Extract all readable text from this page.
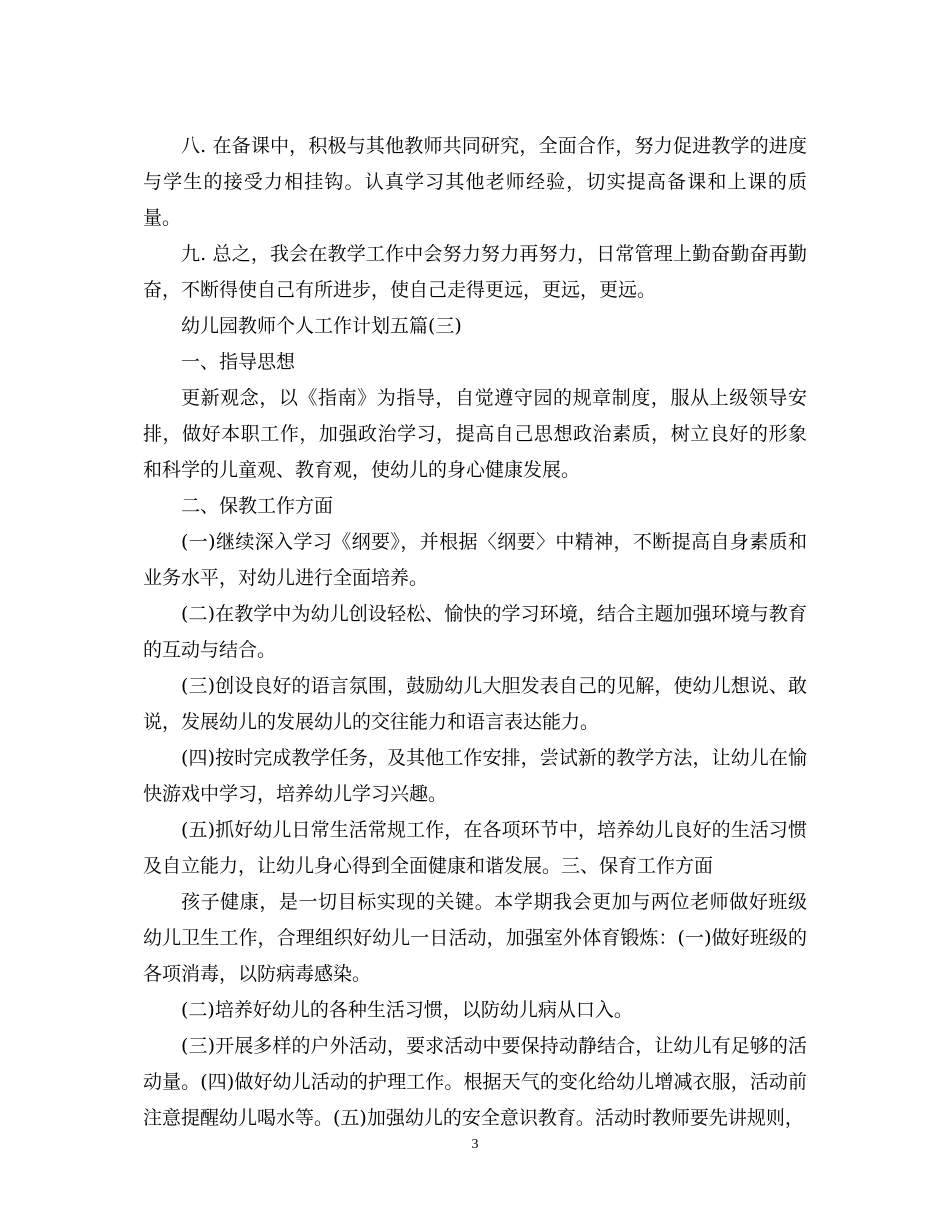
八. 在备课中，积极与其他教师共同研究，全面合作，努力促进教学的进度与学生的接受力相挂钩。认真学习其他老师经验，切实提高备课和上课的质量。

九. 总之，我会在教学工作中会努力努力再努力，日常管理上勤奋勤奋再勤奋，不断得使自己有所进步，使自己走得更远，更远，更远。

幼儿园教师个人工作计划五篇(三)

一、指导思想

更新观念，以《指南》为指导，自觉遵守园的规章制度，服从上级领导安排，做好本职工作，加强政治学习，提高自己思想政治素质，树立良好的形象和科学的儿童观、教育观，使幼儿的身心健康发展。

二、保教工作方面

(一)继续深入学习《纲要》，并根据〈纲要〉中精神，不断提高自身素质和业务水平，对幼儿进行全面培养。

(二)在教学中为幼儿创设轻松、愉快的学习环境，结合主题加强环境与教育的互动与结合。

(三)创设良好的语言氛围，鼓励幼儿大胆发表自己的见解，使幼儿想说、敢说，发展幼儿的发展幼儿的交往能力和语言表达能力。

(四)按时完成教学任务，及其他工作安排，尝试新的教学方法，让幼儿在愉快游戏中学习，培养幼儿学习兴趣。

(五)抓好幼儿日常生活常规工作，在各项环节中，培养幼儿良好的生活习惯及自立能力，让幼儿身心得到全面健康和谐发展。三、保育工作方面

孩子健康，是一切目标实现的关键。本学期我会更加与两位老师做好班级幼儿卫生工作，合理组织好幼儿一日活动，加强室外体育锻炼：(一)做好班级的各项消毒，以防病毒感染。

(二)培养好幼儿的各种生活习惯，以防幼儿病从口入。

(三)开展多样的户外活动，要求活动中要保持动静结合，让幼儿有足够的活动量。(四)做好幼儿活动的护理工作。根据天气的变化给幼儿增减衣服，活动前注意提醒幼儿喝水等。(五)加强幼儿的安全意识教育。活动时教师要先讲规则，

3
